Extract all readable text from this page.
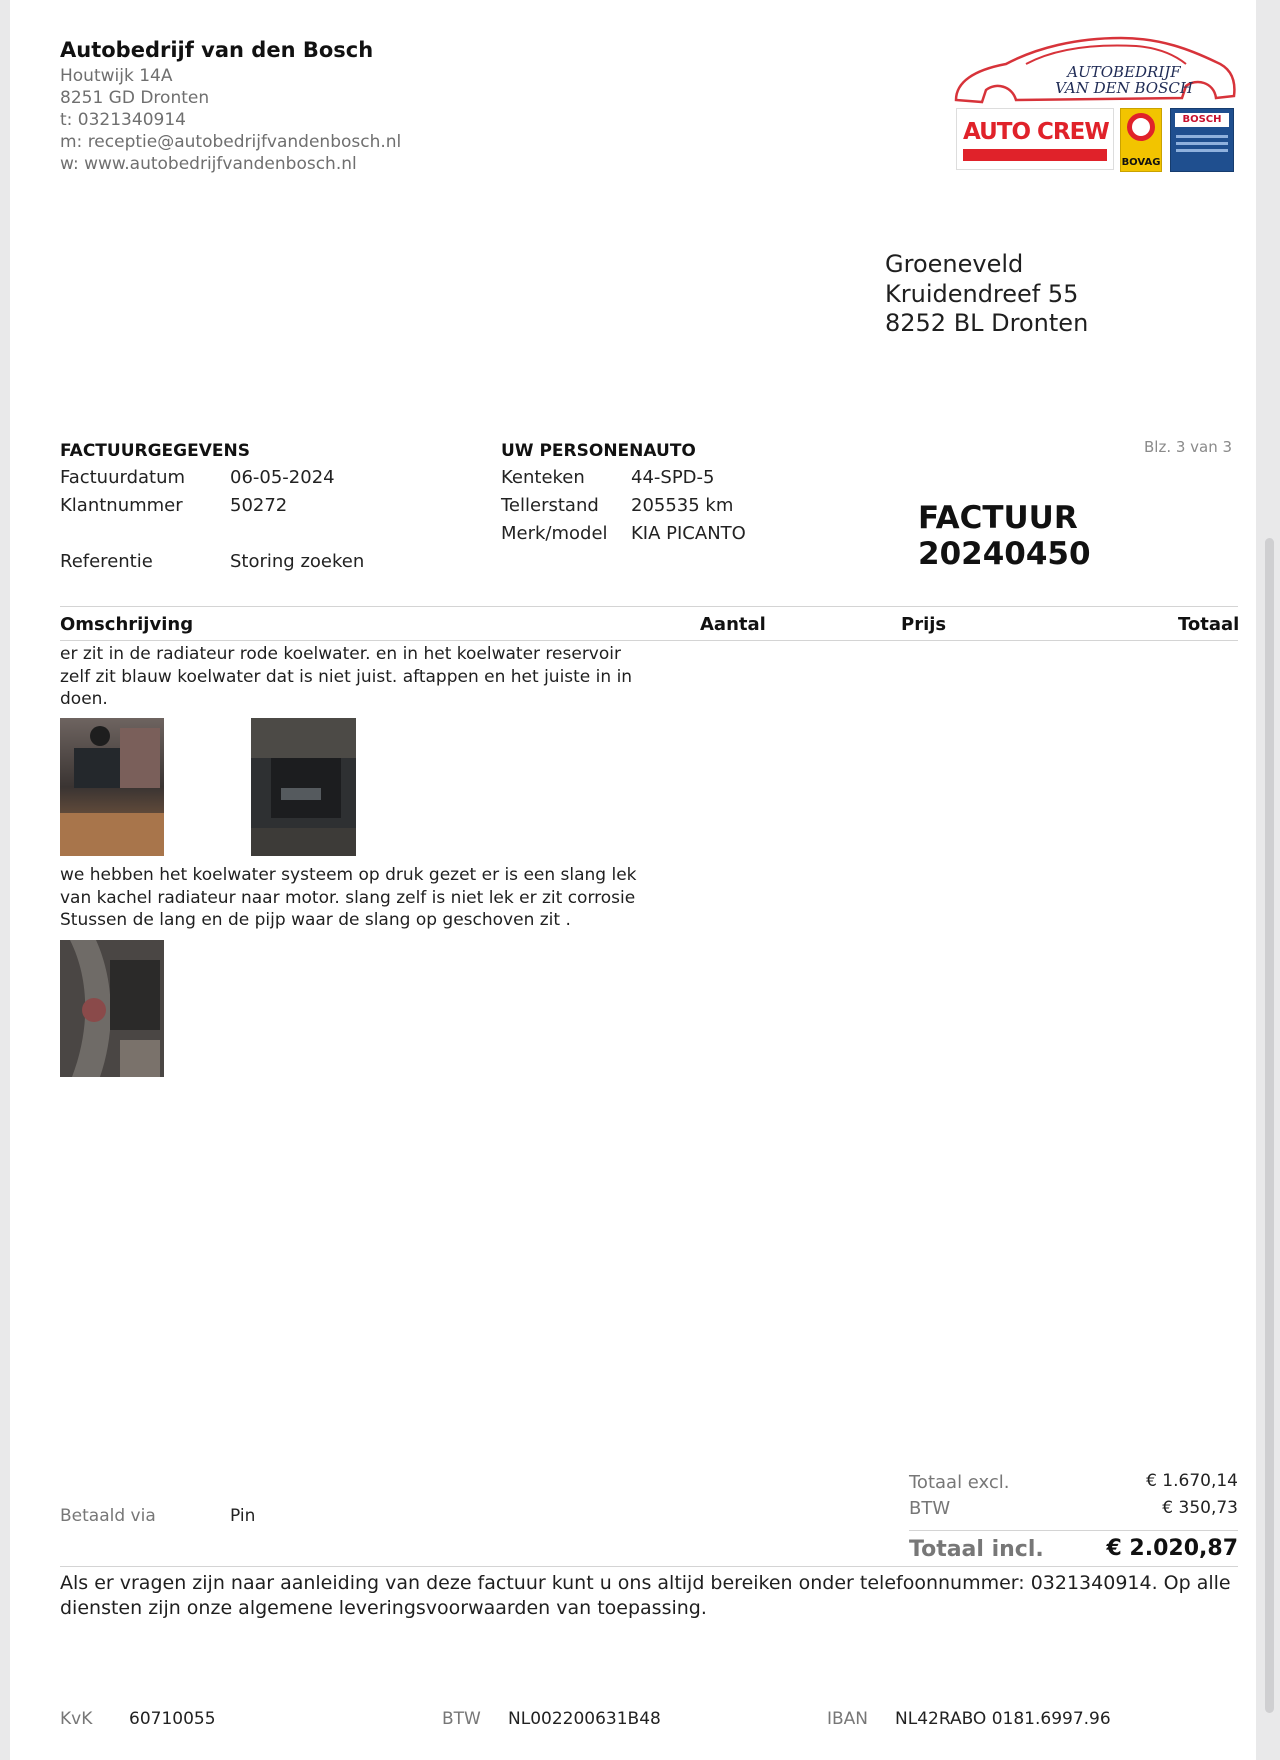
Autobedrijf van den Bosch
Houtwijk 14A
8251 GD Dronten
t: 0321340914
m: receptie@autobedrijfvandenbosch.nl
w: www.autobedrijfvandenbosch.nl
AUTOBEDRIJF
VAN DEN BOSCH
AUTO CREW
BOVAG
BOSCH
Groeneveld
Kruidendreef 55
8252 BL Dronten
FACTUURGEGEVENS
Factuurdatum 06-05-2024
Klantnummer	50272
Referentie	Storing zoeken
UW PERSONENAUTO
Kenteken	44-SPD-5
Tellerstand 205535 km
Merk/model KIA PICANTO
Blz. 3 van 3
FACTUUR 20240450
Omschrijving	Aantal	Prijs	Totaal
er zit in de radiateur rode koelwater. en in het koelwater reservoir
zelf zit blauw koelwater dat is niet juist. aftappen en het juiste in in
doen.
we hebben het koelwater systeem op druk gezet er is een slang lek
van kachel radiateur naar motor. slang zelf is niet lek er zit corrosie
Stussen de lang en de pijp waar de slang op geschoven zit .
Betaald via	Pin
Totaal excl.	€ 1.670,14
BTW	€ 350,73
Totaal incl.	€ 2.020,87
Als er vragen zijn naar aanleiding van deze factuur kunt u ons altijd bereiken onder telefoonnummer: 0321340914. Op alle
diensten zijn onze algemene leveringsvoorwaarden van toepassing.
KvK 60710055	BTW NL002200631B48	IBAN NL42RABO 0181.6997.96
